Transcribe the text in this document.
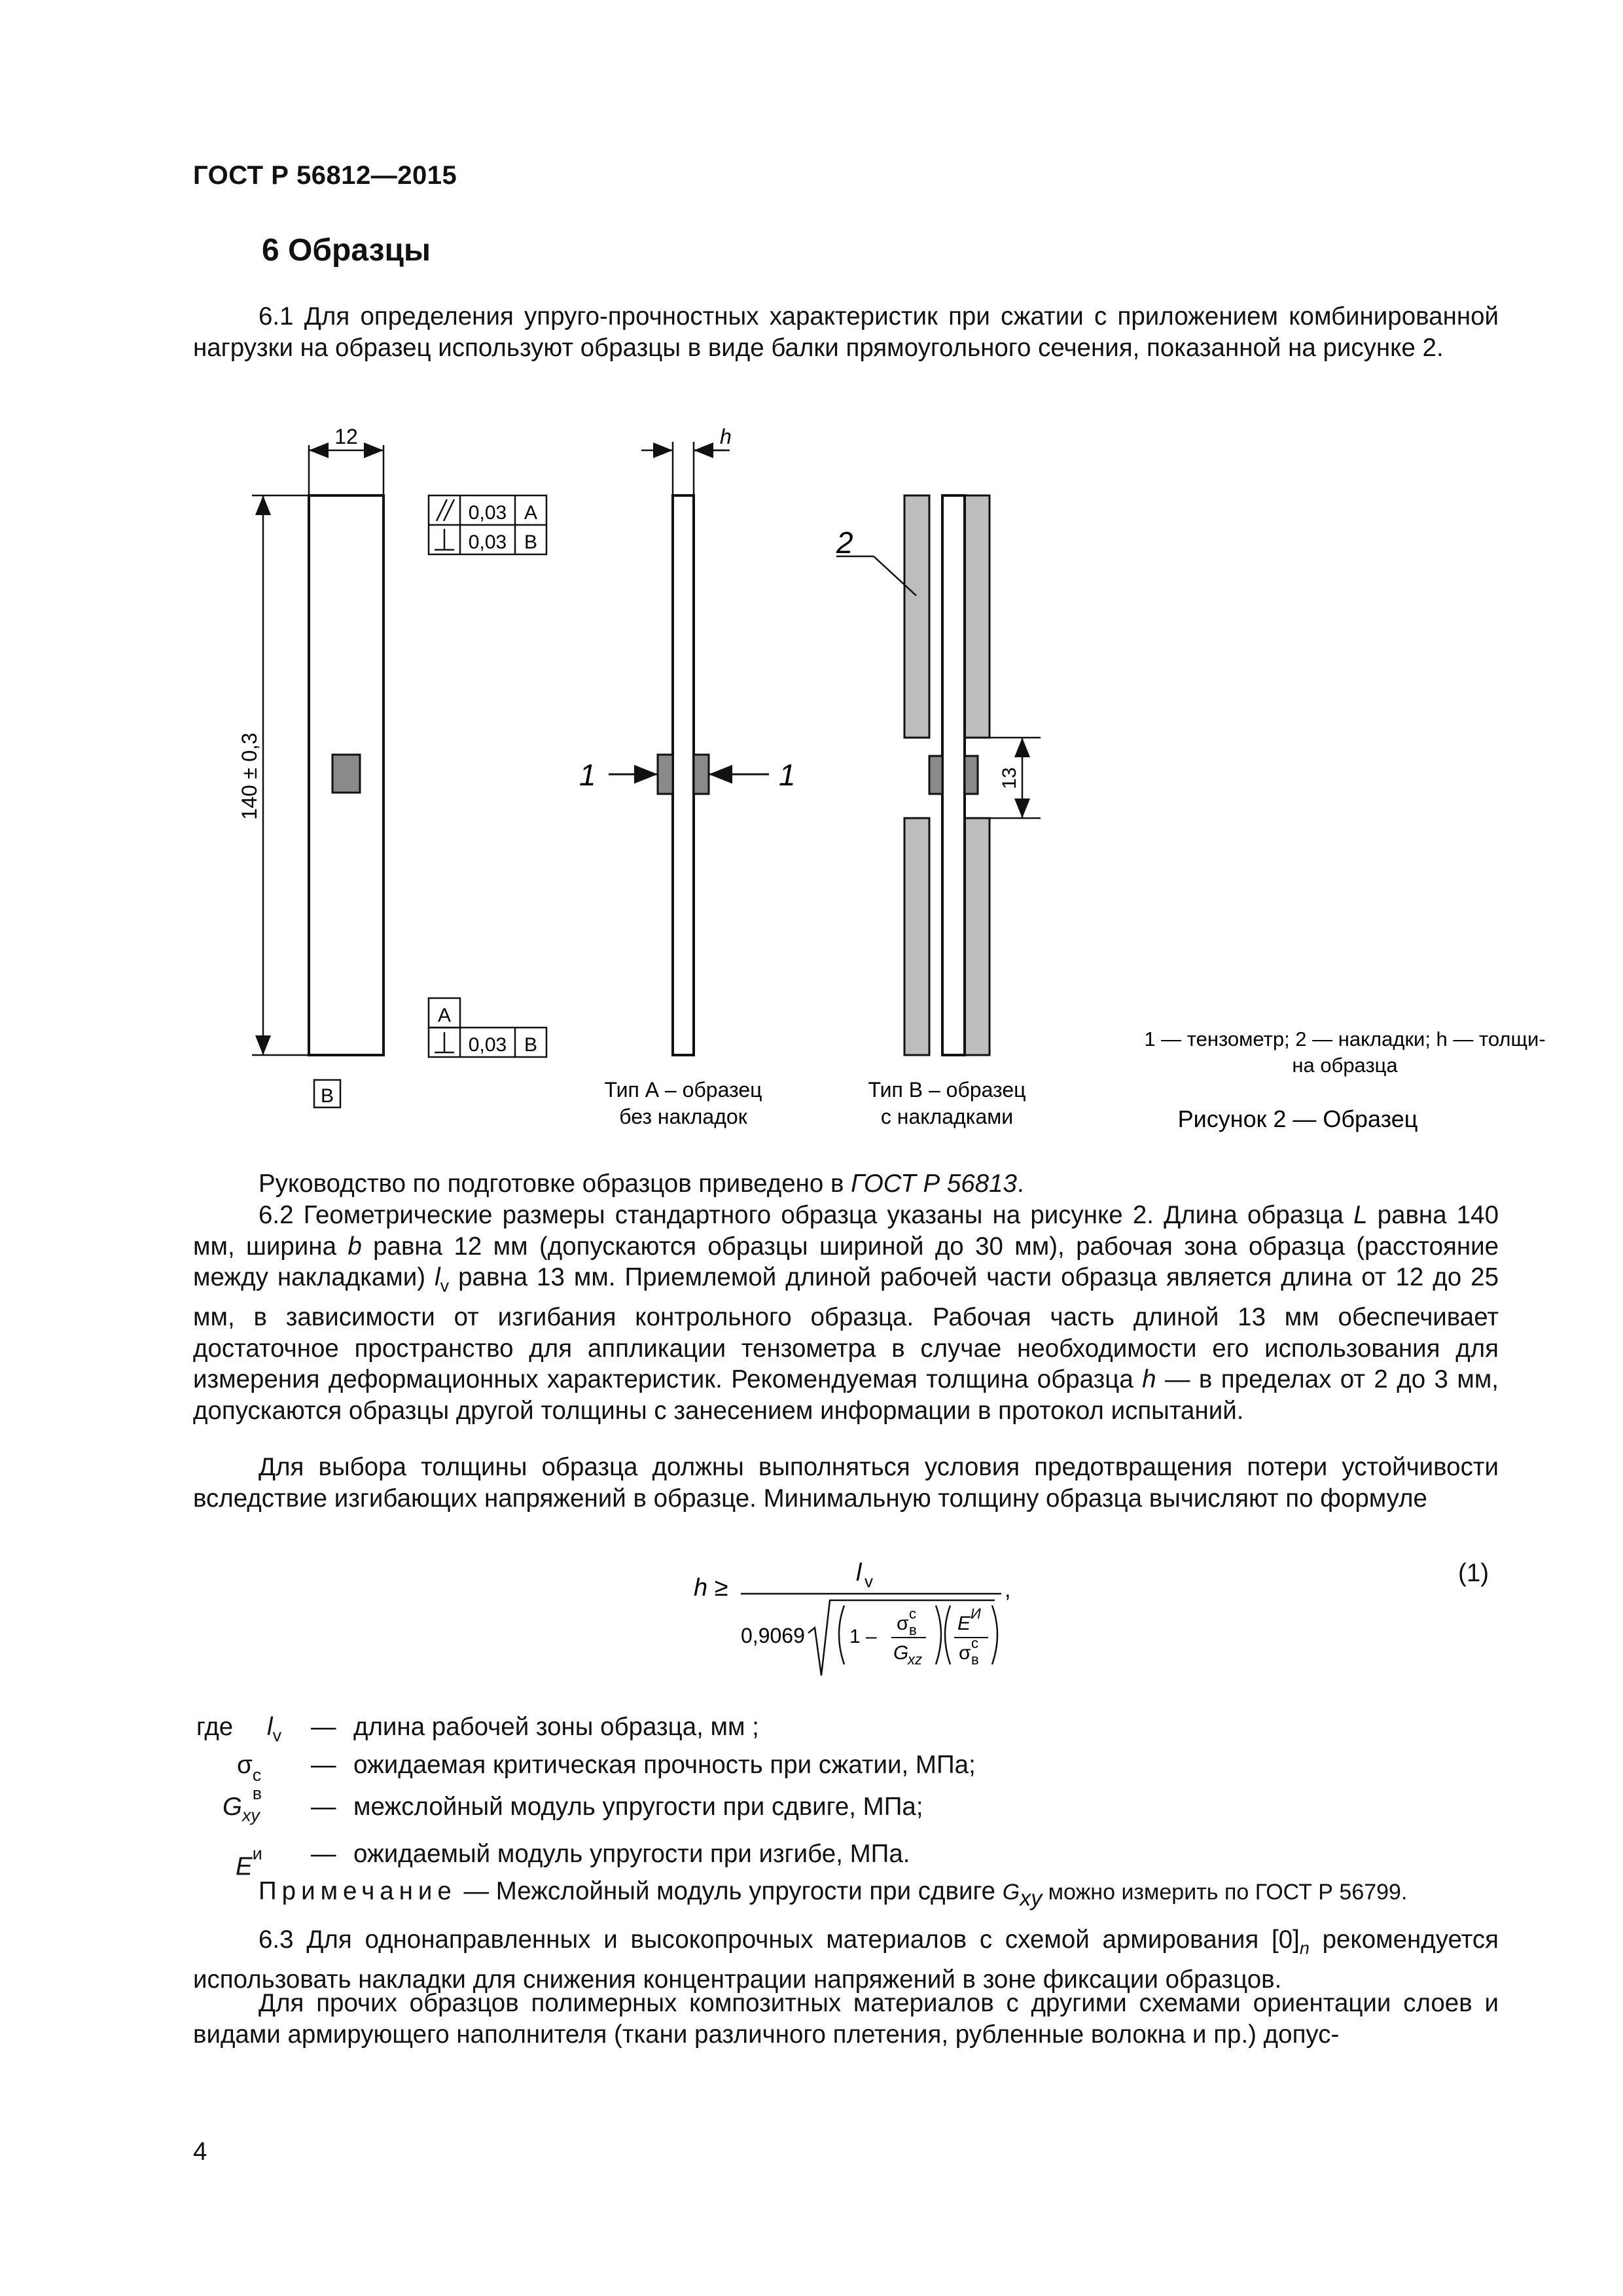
ГОСТ Р 56812—2015
6 Образцы
6.1 Для определения упруго-прочностных характеристик при сжатии с приложением комбинированной нагрузки на образец используют образцы в виде балки прямоугольного сечения, показанной на рисунке 2.
12
140 ± 0,3
0,03 A
0,03 B
A
0,03 B
B
h
1	1
Тип А – образец
без накладок
13
2
Тип В – образец
с накладками
1 — тензометр; 2 — накладки; h — толщи-
на образца
Рисунок 2 — Образец
Руководство по подготовке образцов приведено в ГОСТ Р 56813.
6.2 Геометрические размеры стандартного образца указаны на рисунке 2. Длина образца L равна 140 мм, ширина b равна 12 мм (допускаются образцы шириной до 30 мм), рабочая зона образца (расстояние между накладками) $l_v$ равна 13 мм. Приемлемой длиной рабочей части образца является длина от 12 до 25 мм, в зависимости от изгибания контрольного образца. Рабочая часть длиной 13 мм обеспечивает достаточное пространство для аппликации тензометра в случае необходимости его использования для измерения деформационных характеристик. Рекомендуемая толщина образца h — в пределах от 2 до 3 мм, допускаются образцы другой толщины с занесением информации в протокол испытаний.
Для выбора толщины образца должны выполняться условия предотвращения потери устойчивости вследствие изгибающих напряжений в образце. Минимальную толщину образца вычисляют по формуле
h ≥
l v
0,9069 1 –
σ в
с
G
xz
E И
σ в
с
,
(1)
где $l_v$ — длина рабочей зоны образца, мм ;
σ с
в
— ожидаемая критическая прочность при сжатии, МПа;
$G_{xy}$ — межслойный модуль упругости при сдвиге, МПа;
$E^и$ — ожидаемый модуль упругости при изгибе, МПа.
Примечание — Межслойный модуль упругости при сдвиге Gxy можно измерить по ГОСТ Р 56799.
6.3 Для однонаправленных и высокопрочных материалов с схемой армирования $[0]_n$ рекомендуется использовать накладки для снижения концентрации напряжений в зоне фиксации образцов.
Для прочих образцов полимерных композитных материалов с другими схемами ориентации слоев и видами армирующего наполнителя (ткани различного плетения, рубленные волокна и пр.) допус-
4
